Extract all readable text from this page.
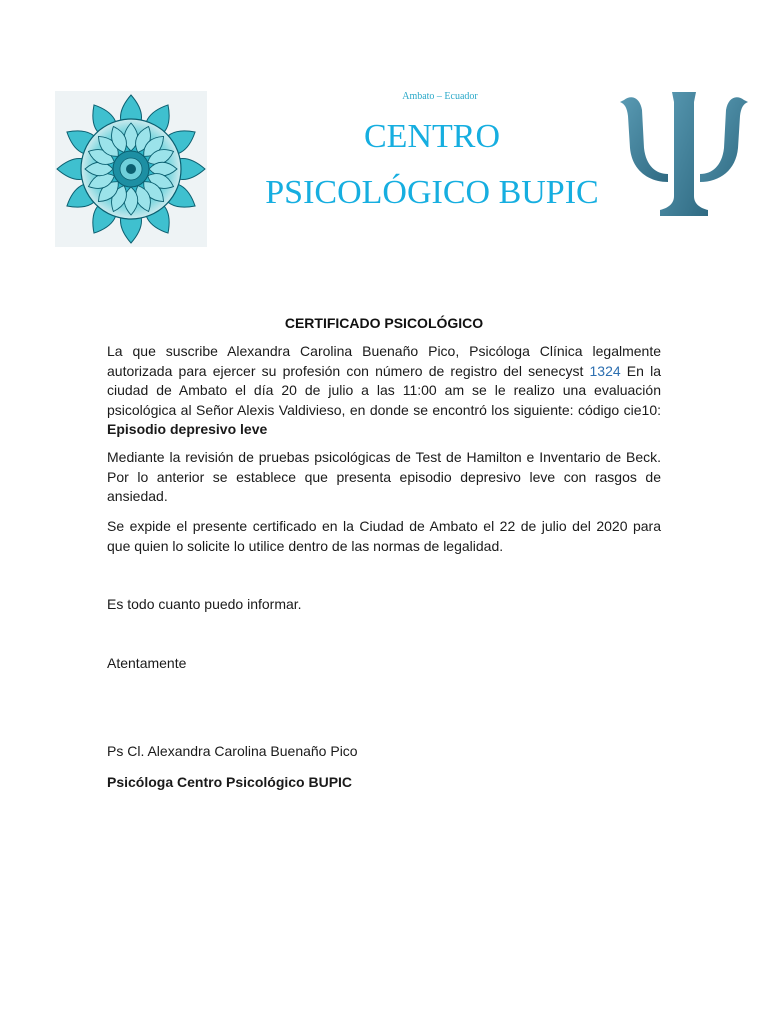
Ambato – Ecuador
CENTRO
PSICOLÓGICO BUPIC
CERTIFICADO PSICOLÓGICO
La que suscribe Alexandra Carolina Buenaño Pico, Psicóloga Clínica legalmente autorizada para ejercer su profesión con número de registro del senecyst 1324 En la ciudad de Ambato el día 20 de julio a las 11:00 am se le realizo una evaluación psicológica al Señor Alexis Valdivieso, en donde se encontró los siguiente: código cie10: Episodio depresivo leve
Mediante la revisión de pruebas psicológicas de Test de Hamilton e Inventario de Beck. Por lo anterior se establece que presenta episodio depresivo leve con rasgos de ansiedad.
Se expide el presente certificado en la Ciudad de Ambato el 22 de julio del 2020 para que quien lo solicite lo utilice dentro de las normas de legalidad.
Es todo cuanto puedo informar.
Atentamente
Ps Cl. Alexandra Carolina Buenaño Pico
Psicóloga Centro Psicológico BUPIC
